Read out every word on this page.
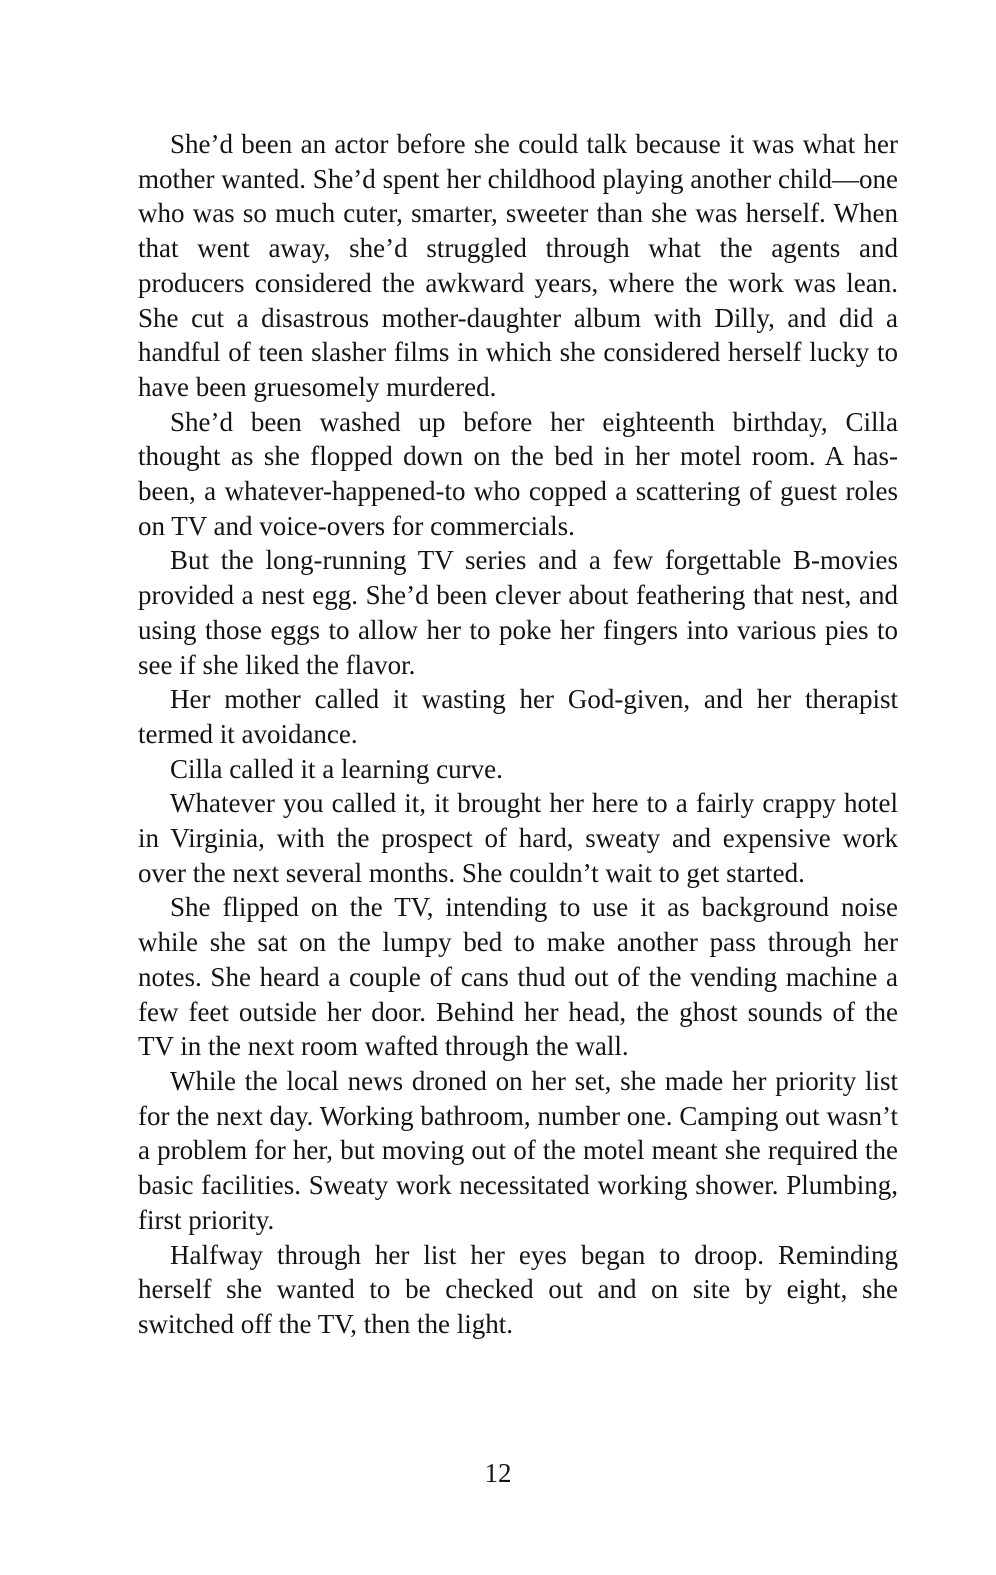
She’d been an actor before she could talk because it was what her mother wanted. She’d spent her childhood playing another child—one who was so much cuter, smarter, sweeter than she was herself. When that went away, she’d struggled through what the agents and producers considered the awkward years, where the work was lean. She cut a disastrous mother-daughter album with Dilly, and did a handful of teen slasher films in which she considered herself lucky to have been gruesomely murdered.

She’d been washed up before her eighteenth birthday, Cilla thought as she flopped down on the bed in her motel room. A has-been, a whatever-happened-to who copped a scattering of guest roles on TV and voice-overs for commercials.

But the long-running TV series and a few forgettable B-movies provided a nest egg. She’d been clever about feathering that nest, and using those eggs to allow her to poke her fingers into various pies to see if she liked the flavor.

Her mother called it wasting her God-given, and her therapist termed it avoidance.

Cilla called it a learning curve.

Whatever you called it, it brought her here to a fairly crappy hotel in Virginia, with the prospect of hard, sweaty and expensive work over the next several months. She couldn’t wait to get started.

She flipped on the TV, intending to use it as background noise while she sat on the lumpy bed to make another pass through her notes. She heard a couple of cans thud out of the vending machine a few feet outside her door. Behind her head, the ghost sounds of the TV in the next room wafted through the wall.

While the local news droned on her set, she made her priority list for the next day. Working bathroom, number one. Camping out wasn’t a problem for her, but moving out of the motel meant she required the basic facilities. Sweaty work necessitated working shower. Plumbing, first priority.

Halfway through her list her eyes began to droop. Reminding herself she wanted to be checked out and on site by eight, she switched off the TV, then the light.

12
